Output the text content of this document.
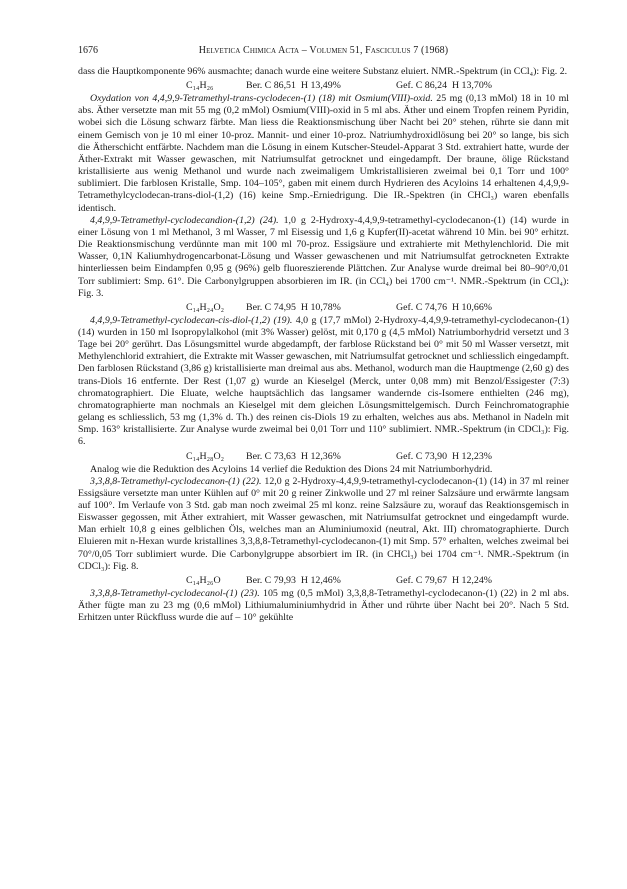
1676	Helvetica Chimica Acta – Volumen 51, Fasciculus 7 (1968)

dass die Hauptkomponente 96% ausmachte; danach wurde eine weitere Substanz eluiert. NMR.-Spektrum (in CCl₄): Fig. 2.

C₁₄H₂₆	Ber. C 86,51  H 13,49%	Gef. C 86,24  H 13,70%

Oxydation von 4,4,9,9-Tetramethyl-trans-cyclodecen-(1) (18) mit Osmium(VIII)-oxid. 25 mg (0,13 mMol) 18 in 10 ml abs. Äther versetzte man mit 55 mg (0,2 mMol) Osmium(VIII)-oxid in 5 ml abs. Äther und einem Tropfen reinem Pyridin, wobei sich die Lösung schwarz färbte. Man liess die Reaktionsmischung über Nacht bei 20° stehen, rührte sie dann mit einem Gemisch von je 10 ml einer 10-proz. Mannit- und einer 10-proz. Natriumhydroxidlösung bei 20° so lange, bis sich die Ätherschicht entfärbte. Nachdem man die Lösung in einem Kutscher-Steudel-Apparat 3 Std. extrahiert hatte, wurde der Äther-Extrakt mit Wasser gewaschen, mit Natriumsulfat getrocknet und eingedampft. Der braune, ölige Rückstand kristallisierte aus wenig Methanol und wurde nach zweimaligem Umkristallisieren zweimal bei 0,1 Torr und 100° sublimiert. Die farblosen Kristalle, Smp. 104–105°, gaben mit einem durch Hydrieren des Acyloins 14 erhaltenen 4,4,9,9-Tetramethylcyclodecan-trans-diol-(1,2) (16) keine Smp.-Erniedrigung. Die IR.-Spektren (in CHCl₃) waren ebenfalls identisch.

4,4,9,9-Tetramethyl-cyclodecandion-(1,2) (24). 1,0 g 2-Hydroxy-4,4,9,9-tetramethyl-cyclodecanon-(1) (14) wurde in einer Lösung von 1 ml Methanol, 3 ml Wasser, 7 ml Eisessig und 1,6 g Kupfer(II)-acetat während 10 Min. bei 90° erhitzt. Die Reaktionsmischung verdünnte man mit 100 ml 70-proz. Essigsäure und extrahierte mit Methylenchlorid. Die mit Wasser, 0,1N Kaliumhydrogencarbonat-Lösung und Wasser gewaschenen und mit Natriumsulfat getrockneten Extrakte hinterliessen beim Eindampfen 0,95 g (96%) gelb fluoreszierende Plättchen. Zur Analyse wurde dreimal bei 80–90°/0,01 Torr sublimiert: Smp. 61°. Die Carbonylgruppen absorbieren im IR. (in CCl₄) bei 1700 cm⁻¹. NMR.-Spektrum (in CCl₄): Fig. 3.

C₁₄H₂₄O₂ Ber. C 74,95  H 10,78%	Gef. C 74,76  H 10,66%

4,4,9,9-Tetramethyl-cyclodecan-cis-diol-(1,2) (19). 4,0 g (17,7 mMol) 2-Hydroxy-4,4,9,9-tetramethyl-cyclodecanon-(1) (14) wurden in 150 ml Isopropylalkohol (mit 3% Wasser) gelöst, mit 0,170 g (4,5 mMol) Natriumborhydrid versetzt und 3 Tage bei 20° gerührt. Das Lösungsmittel wurde abgedampft, der farblose Rückstand bei 0° mit 50 ml Wasser versetzt, mit Methylenchlorid extrahiert, die Extrakte mit Wasser gewaschen, mit Natriumsulfat getrocknet und schliesslich eingedampft. Den farblosen Rückstand (3,86 g) kristallisierte man dreimal aus abs. Methanol, wodurch man die Hauptmenge (2,60 g) des trans-Diols 16 entfernte. Der Rest (1,07 g) wurde an Kieselgel (Merck, unter 0,08 mm) mit Benzol/Essigester (7:3) chromatographiert. Die Eluate, welche hauptsächlich das langsamer wandernde cis-Isomere enthielten (246 mg), chromatographierte man nochmals an Kieselgel mit dem gleichen Lösungsmittelgemisch. Durch Feinchromatographie gelang es schliesslich, 53 mg (1,3% d. Th.) des reinen cis-Diols 19 zu erhalten, welches aus abs. Methanol in Nadeln mit Smp. 163° kristallisierte. Zur Analyse wurde zweimal bei 0,01 Torr und 110° sublimiert. NMR.-Spektrum (in CDCl₃): Fig. 6.

C₁₄H₂₈O₂ Ber. C 73,63  H 12,36%	Gef. C 73,90  H 12,23%

Analog wie die Reduktion des Acyloins 14 verlief die Reduktion des Dions 24 mit Natriumborhydrid.

3,3,8,8-Tetramethyl-cyclodecanon-(1) (22). 12,0 g 2-Hydroxy-4,4,9,9-tetramethyl-cyclodecanon-(1) (14) in 37 ml reiner Essigsäure versetzte man unter Kühlen auf 0° mit 20 g reiner Zinkwolle und 27 ml reiner Salzsäure und erwärmte langsam auf 100°. Im Verlaufe von 3 Std. gab man noch zweimal 25 ml konz. reine Salzsäure zu, worauf das Reaktionsgemisch in Eiswasser gegossen, mit Äther extrahiert, mit Wasser gewaschen, mit Natriumsulfat getrocknet und eingedampft wurde. Man erhielt 10,8 g eines gelblichen Öls, welches man an Aluminiumoxid (neutral, Akt. III) chromatographierte. Durch Eluieren mit n-Hexan wurde kristallines 3,3,8,8-Tetramethyl-cyclodecanon-(1) mit Smp. 57° erhalten, welches zweimal bei 70°/0,05 Torr sublimiert wurde. Die Carbonylgruppe absorbiert im IR. (in CHCl₃) bei 1704 cm⁻¹. NMR.-Spektrum (in CDCl₃): Fig. 8.

C₁₄H₂₆O	Ber. C 79,93  H 12,46%	Gef. C 79,67  H 12,24%

3,3,8,8-Tetramethyl-cyclodecanol-(1) (23). 105 mg (0,5 mMol) 3,3,8,8-Tetramethyl-cyclodecanon-(1) (22) in 2 ml abs. Äther fügte man zu 23 mg (0,6 mMol) Lithiumaluminiumhydrid in Äther und rührte über Nacht bei 20°. Nach 5 Std. Erhitzen unter Rückfluss wurde die auf – 10° gekühlte
